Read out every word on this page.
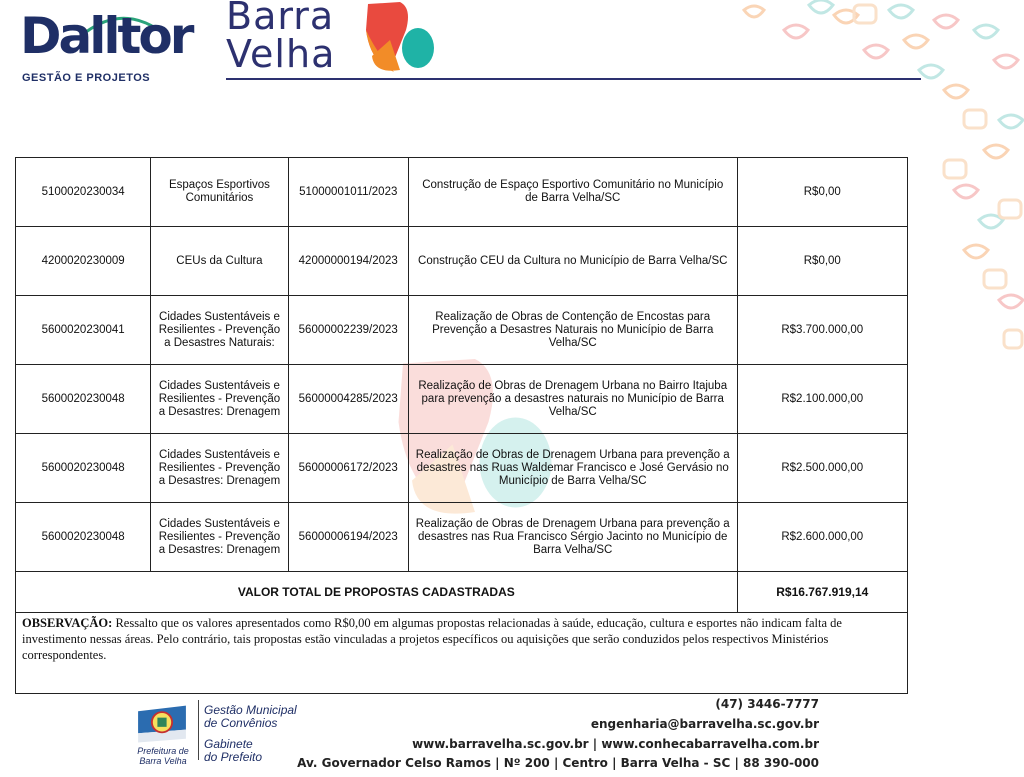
Dalltor
GESTÃO E PROJETOS
Barra
Velha
5100020230034	Espaços Esportivos Comunitários	51000001011/2023	Construção de Espaço Esportivo Comunitário no Município de Barra Velha/SC	R$0,00
4200020230009	CEUs da Cultura	42000000194/2023	Construção CEU da Cultura no Município de Barra Velha/SC	R$0,00
5600020230041	Cidades Sustentáveis e Resilientes - Prevenção a Desastres Naturais:	56000002239/2023	Realização de Obras de Contenção de Encostas para Prevenção a Desastres Naturais no Município de Barra Velha/SC	R$3.700.000,00
5600020230048	Cidades Sustentáveis e Resilientes - Prevenção a Desastres: Drenagem	56000004285/2023	Realização de Obras de Drenagem Urbana no Bairro Itajuba para prevenção a desastres naturais no Município de Barra Velha/SC	R$2.100.000,00
5600020230048	Cidades Sustentáveis e Resilientes - Prevenção a Desastres: Drenagem	56000006172/2023	Realização de Obras de Drenagem Urbana para prevenção a desastres nas Ruas Waldemar Francisco e José Gervásio no Município de Barra Velha/SC	R$2.500.000,00
5600020230048	Cidades Sustentáveis e Resilientes - Prevenção a Desastres: Drenagem	56000006194/2023	Realização de Obras de Drenagem Urbana para prevenção a desastres nas Rua Francisco Sérgio Jacinto no Município de Barra Velha/SC	R$2.600.000,00
VALOR TOTAL DE PROPOSTAS CADASTRADAS				R$16.767.919,14
OBSERVAÇÃO: Ressalto que os valores apresentados como R$0,00 em algumas propostas relacionadas à saúde, educação, cultura e esportes não indicam falta de investimento nessas áreas. Pelo contrário, tais propostas estão vinculadas a projetos específicos ou aquisições que serão conduzidos pelos respectivos Ministérios correspondentes.				
Prefeitura de
Barra Velha
Gestão Municipal
de Convênios
Gabinete
do Prefeito
(47) 3446-7777
engenharia@barravelha.sc.gov.br
www.barravelha.sc.gov.br | www.conhecabarravelha.com.br
Av. Governador Celso Ramos | Nº 200 | Centro | Barra Velha - SC | 88 390-000
